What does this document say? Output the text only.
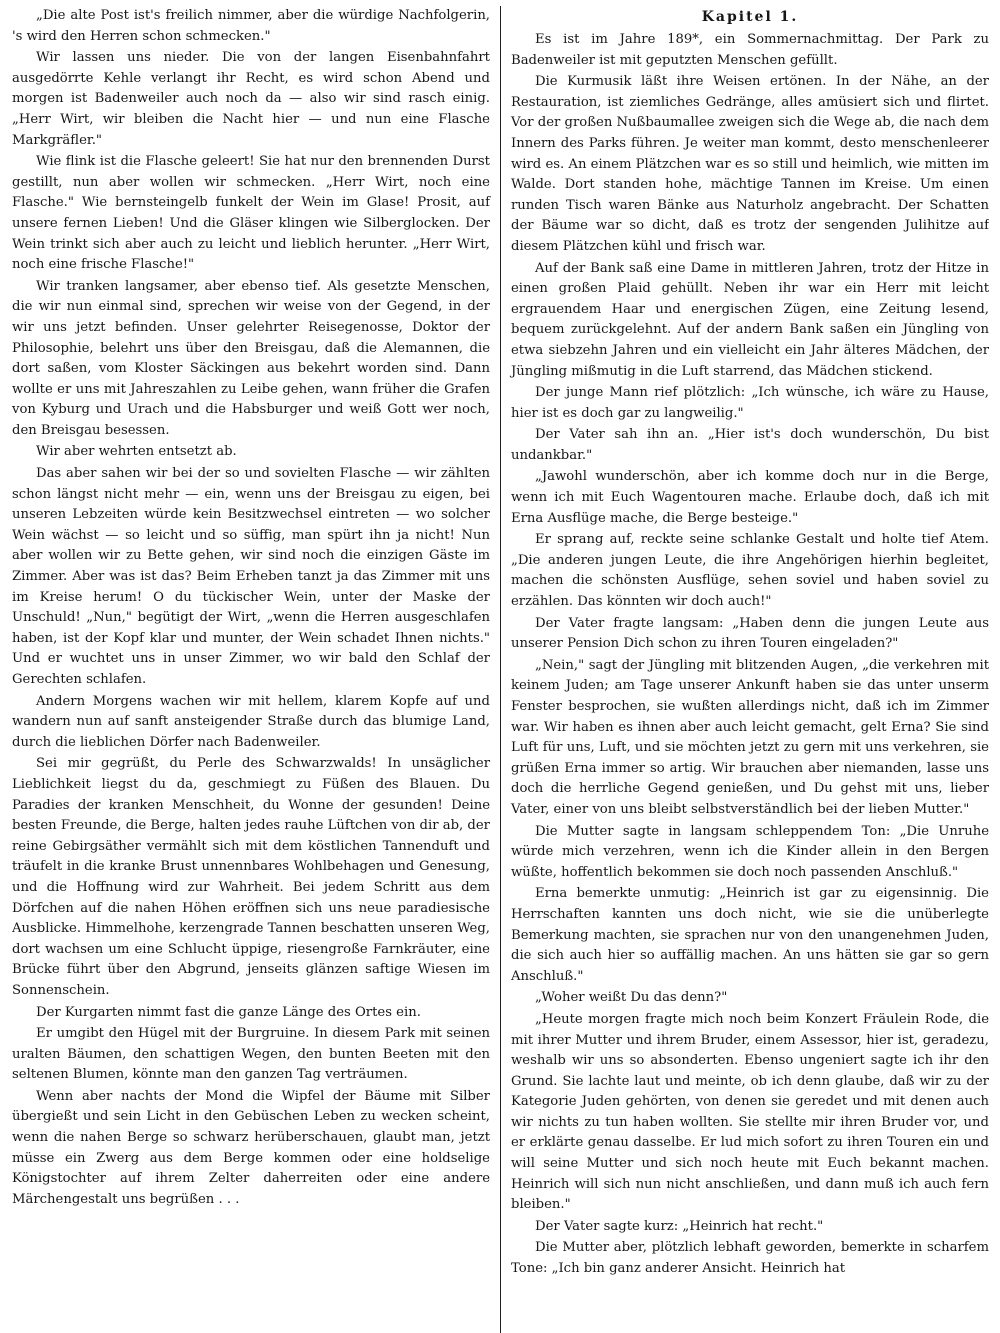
„Die alte Post ist's freilich nimmer, aber die würdige Nachfolgerin, 's wird den Herren schon schmecken."

Wir lassen uns nieder. Die von der langen Eisenbahnfahrt ausgedörrte Kehle verlangt ihr Recht, es wird schon Abend und morgen ist Badenweiler auch noch da — also wir sind rasch einig. „Herr Wirt, wir bleiben die Nacht hier — und nun eine Flasche Markgräfler."

Wie flink ist die Flasche geleert! Sie hat nur den brennenden Durst gestillt, nun aber wollen wir schmecken. „Herr Wirt, noch eine Flasche." Wie bernsteingelb funkelt der Wein im Glase! Prosit, auf unsere fernen Lieben! Und die Gläser klingen wie Silberglocken. Der Wein trinkt sich aber auch zu leicht und lieblich herunter. „Herr Wirt, noch eine frische Flasche!"

Wir tranken langsamer, aber ebenso tief. Als gesetzte Menschen, die wir nun einmal sind, sprechen wir weise von der Gegend, in der wir uns jetzt befinden. Unser gelehrter Reisegenosse, Doktor der Philosophie, belehrt uns über den Breisgau, daß die Alemannen, die dort saßen, vom Kloster Säckingen aus bekehrt worden sind. Dann wollte er uns mit Jahreszahlen zu Leibe gehen, wann früher die Grafen von Kyburg und Urach und die Habsburger und weiß Gott wer noch, den Breisgau besessen.

Wir aber wehrten entsetzt ab.

Das aber sahen wir bei der so und sovielten Flasche — wir zählten schon längst nicht mehr — ein, wenn uns der Breisgau zu eigen, bei unseren Lebzeiten würde kein Besitzwechsel eintreten — wo solcher Wein wächst — so leicht und so süffig, man spürt ihn ja nicht! Nun aber wollen wir zu Bette gehen, wir sind noch die einzigen Gäste im Zimmer. Aber was ist das? Beim Erheben tanzt ja das Zimmer mit uns im Kreise herum! O du tückischer Wein, unter der Maske der Unschuld! „Nun," begütigt der Wirt, „wenn die Herren ausgeschlafen haben, ist der Kopf klar und munter, der Wein schadet Ihnen nichts." Und er wuchtet uns in unser Zimmer, wo wir bald den Schlaf der Gerechten schlafen.

Andern Morgens wachen wir mit hellem, klarem Kopfe auf und wandern nun auf sanft ansteigender Straße durch das blumige Land, durch die lieblichen Dörfer nach Badenweiler.

Sei mir gegrüßt, du Perle des Schwarzwalds! In unsäglicher Lieblichkeit liegst du da, geschmiegt zu Füßen des Blauen. Du Paradies der kranken Menschheit, du Wonne der gesunden! Deine besten Freunde, die Berge, halten jedes rauhe Lüftchen von dir ab, der reine Gebirgsäther vermählt sich mit dem köstlichen Tannenduft und träufelt in die kranke Brust unnennbares Wohlbehagen und Genesung, und die Hoffnung wird zur Wahrheit. Bei jedem Schritt aus dem Dörfchen auf die nahen Höhen eröffnen sich uns neue paradiesische Ausblicke. Himmelhohe, kerzengrade Tannen beschatten unseren Weg, dort wachsen um eine Schlucht üppige, riesengroße Farnkräuter, eine Brücke führt über den Abgrund, jenseits glänzen saftige Wiesen im Sonnenschein.

Der Kurgarten nimmt fast die ganze Länge des Ortes ein.

Er umgibt den Hügel mit der Burgruine. In diesem Park mit seinen uralten Bäumen, den schattigen Wegen, den bunten Beeten mit den seltenen Blumen, könnte man den ganzen Tag verträumen.

Wenn aber nachts der Mond die Wipfel der Bäume mit Silber übergießt und sein Licht in den Gebüschen Leben zu wecken scheint, wenn die nahen Berge so schwarz herüberschauen, glaubt man, jetzt müsse ein Zwerg aus dem Berge kommen oder eine holdselige Königstochter auf ihrem Zelter daherreiten oder eine andere Märchengestalt uns begrüßen . . .

Kapitel 1.

Es ist im Jahre 189*, ein Sommernachmittag. Der Park zu Badenweiler ist mit geputzten Menschen gefüllt.

Die Kurmusik läßt ihre Weisen ertönen. In der Nähe, an der Restauration, ist ziemliches Gedränge, alles amüsiert sich und flirtet. Vor der großen Nußbaumallee zweigen sich die Wege ab, die nach dem Innern des Parks führen. Je weiter man kommt, desto menschenleerer wird es. An einem Plätzchen war es so still und heimlich, wie mitten im Walde. Dort standen hohe, mächtige Tannen im Kreise. Um einen runden Tisch waren Bänke aus Naturholz angebracht. Der Schatten der Bäume war so dicht, daß es trotz der sengenden Julihitze auf diesem Plätzchen kühl und frisch war.

Auf der Bank saß eine Dame in mittleren Jahren, trotz der Hitze in einen großen Plaid gehüllt. Neben ihr war ein Herr mit leicht ergrauendem Haar und energischen Zügen, eine Zeitung lesend, bequem zurückgelehnt. Auf der andern Bank saßen ein Jüngling von etwa siebzehn Jahren und ein vielleicht ein Jahr älteres Mädchen, der Jüngling mißmutig in die Luft starrend, das Mädchen stickend.

Der junge Mann rief plötzlich: „Ich wünsche, ich wäre zu Hause, hier ist es doch gar zu langweilig."

Der Vater sah ihn an. „Hier ist's doch wunderschön, Du bist undankbar."

„Jawohl wunderschön, aber ich komme doch nur in die Berge, wenn ich mit Euch Wagentouren mache. Erlaube doch, daß ich mit Erna Ausflüge mache, die Berge besteige."

Er sprang auf, reckte seine schlanke Gestalt und holte tief Atem. „Die anderen jungen Leute, die ihre Angehörigen hierhin begleitet, machen die schönsten Ausflüge, sehen soviel und haben soviel zu erzählen. Das könnten wir doch auch!"

Der Vater fragte langsam: „Haben denn die jungen Leute aus unserer Pension Dich schon zu ihren Touren eingeladen?"

„Nein," sagt der Jüngling mit blitzenden Augen, „die verkehren mit keinem Juden; am Tage unserer Ankunft haben sie das unter unserm Fenster besprochen, sie wußten allerdings nicht, daß ich im Zimmer war. Wir haben es ihnen aber auch leicht gemacht, gelt Erna? Sie sind Luft für uns, Luft, und sie möchten jetzt zu gern mit uns verkehren, sie grüßen Erna immer so artig. Wir brauchen aber niemanden, lasse uns doch die herrliche Gegend genießen, und Du gehst mit uns, lieber Vater, einer von uns bleibt selbstverständlich bei der lieben Mutter."

Die Mutter sagte in langsam schleppendem Ton: „Die Unruhe würde mich verzehren, wenn ich die Kinder allein in den Bergen wüßte, hoffentlich bekommen sie doch noch passenden Anschluß."

Erna bemerkte unmutig: „Heinrich ist gar zu eigensinnig. Die Herrschaften kannten uns doch nicht, wie sie die unüberlegte Bemerkung machten, sie sprachen nur von den unangenehmen Juden, die sich auch hier so auffällig machen. An uns hätten sie gar so gern Anschluß."

„Woher weißt Du das denn?"

„Heute morgen fragte mich noch beim Konzert Fräulein Rode, die mit ihrer Mutter und ihrem Bruder, einem Assessor, hier ist, geradezu, weshalb wir uns so absonderten. Ebenso ungeniert sagte ich ihr den Grund. Sie lachte laut und meinte, ob ich denn glaube, daß wir zu der Kategorie Juden gehörten, von denen sie geredet und mit denen auch wir nichts zu tun haben wollten. Sie stellte mir ihren Bruder vor, und er erklärte genau dasselbe. Er lud mich sofort zu ihren Touren ein und will seine Mutter und sich noch heute mit Euch bekannt machen. Heinrich will sich nun nicht anschließen, und dann muß ich auch fern bleiben."

Der Vater sagte kurz: „Heinrich hat recht."

Die Mutter aber, plötzlich lebhaft geworden, bemerkte in scharfem Tone: „Ich bin ganz anderer Ansicht. Heinrich hat
